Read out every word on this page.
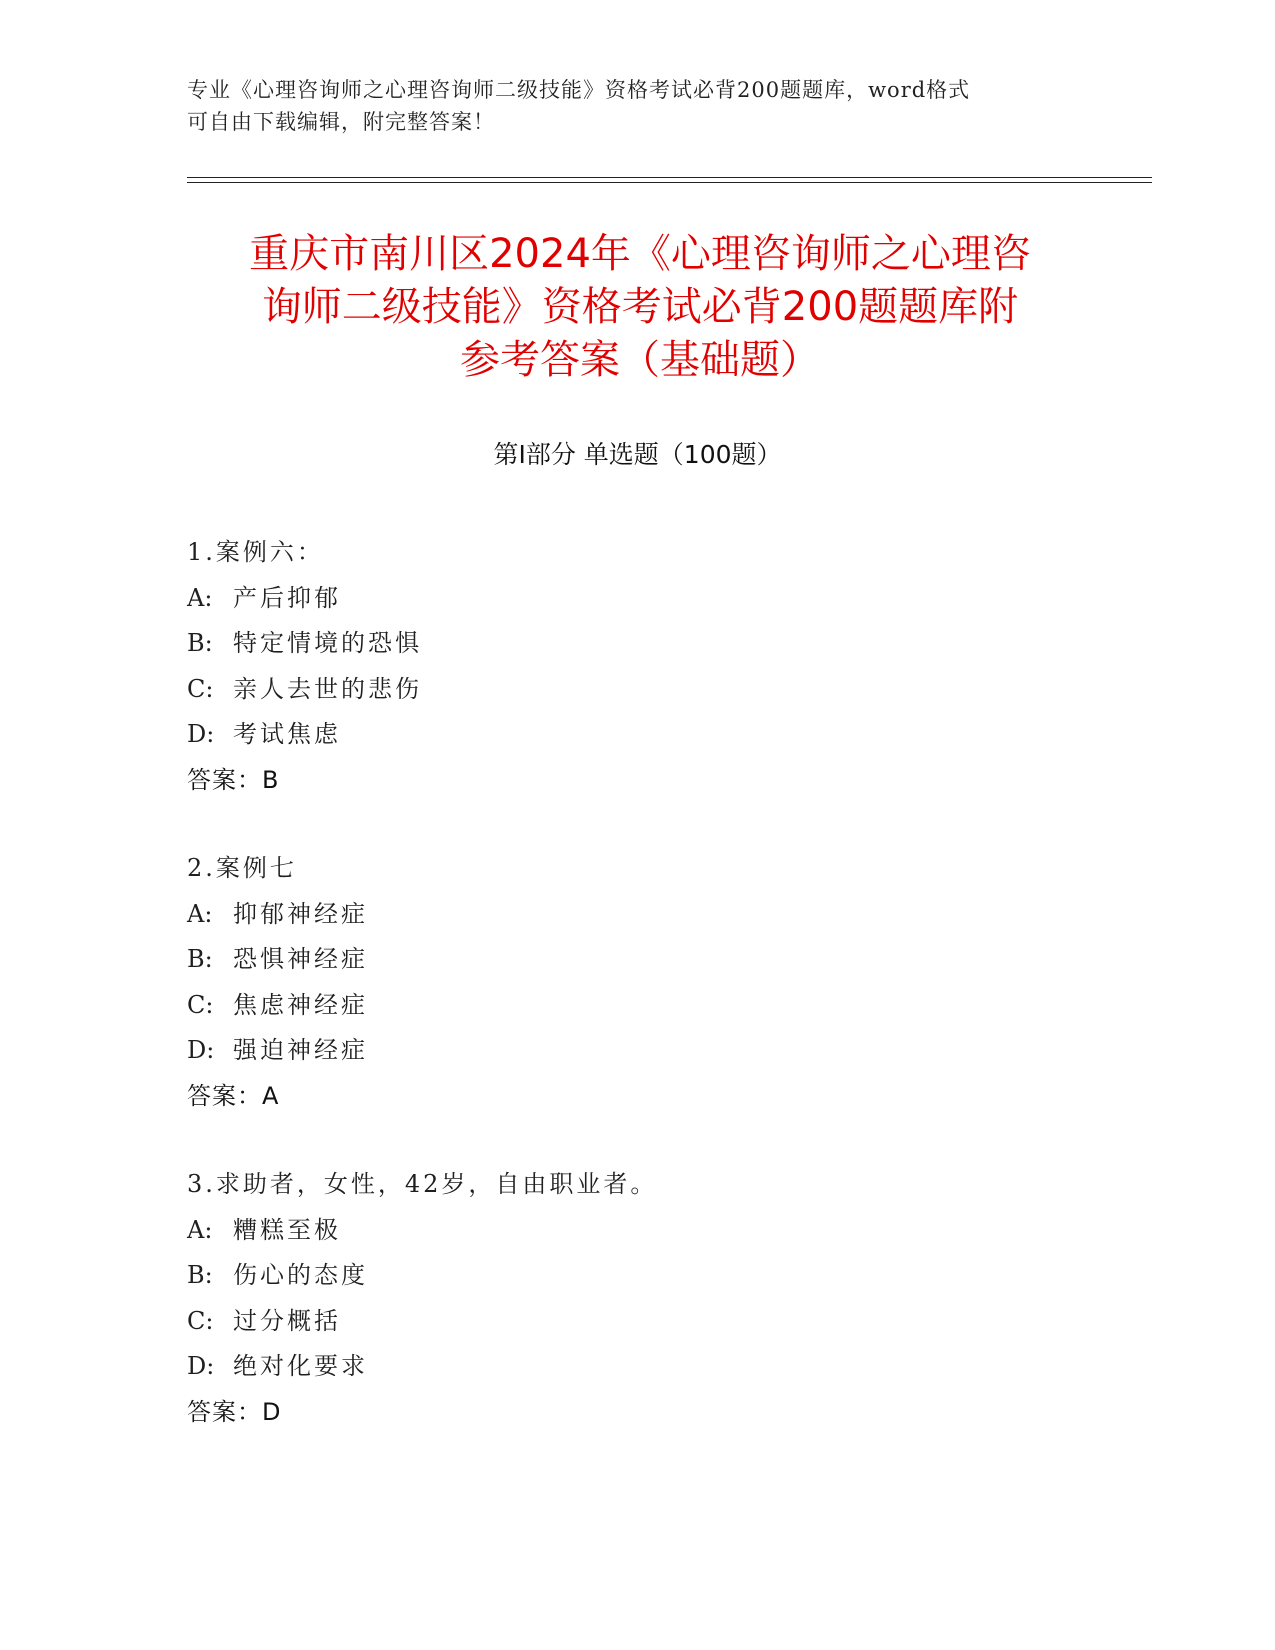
专业《心理咨询师之心理咨询师二级技能》资格考试必背200题题库，word格式
可自由下载编辑，附完整答案！
重庆市南川区2024年《心理咨询师之心理咨
询师二级技能》资格考试必背200题题库附
参考答案（基础题）
第Ⅰ部分 单选题（100题）
1.案例六：
A: 产后抑郁
B: 特定情境的恐惧
C: 亲人去世的悲伤
D: 考试焦虑
答案：B
2.案例七
A: 抑郁神经症
B: 恐惧神经症
C: 焦虑神经症
D: 强迫神经症
答案：A
3.求助者，女性，42岁，自由职业者。
A: 糟糕至极
B: 伤心的态度
C: 过分概括
D: 绝对化要求
答案：D
